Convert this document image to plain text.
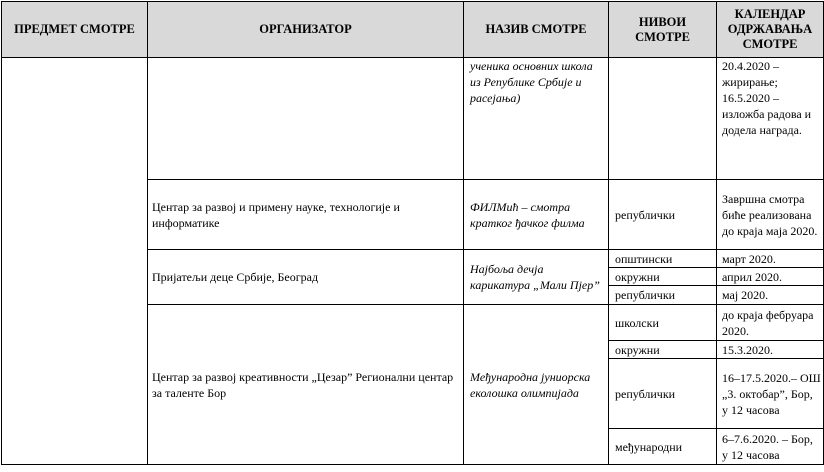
ПРЕДМЕТ СМОТРЕ	ОРГАНИЗАТОР	НАЗИВ СМОТРЕ	НИВОИ СМОТРЕ	КАЛЕНДАР ОДРЖАВАЊА СМОТРЕ
		ученика основних школа из Републике Србије и расејања)		20.4.2020 – жирирање; 16.5.2020 – изложба радова и додела награда.
	Центар за развој и примену науке, технологије и информатике	ФИЛМић – смотра кратког ђачког филма	републички	Завршна смотра биће реализована до краја маја 2020.
	Пријатељи деце Србије, Београд	Најбоља дечја карикатура „Мали Пјер”	општински	март 2020.
			окружни	април 2020.
			републички	мај 2020.
	Центар за развој креативности „Цезар” Регионални центар за таленте Бор	Међународна јуниорска еколошка олимпијада	школски	до краја фебруара 2020.
			окружни	15.3.2020.
			републички	16–17.5.2020.– ОШ „3. октобар”, Бор, у 12 часова
			међународни	6–7.6.2020. – Бор, у 12 часова
